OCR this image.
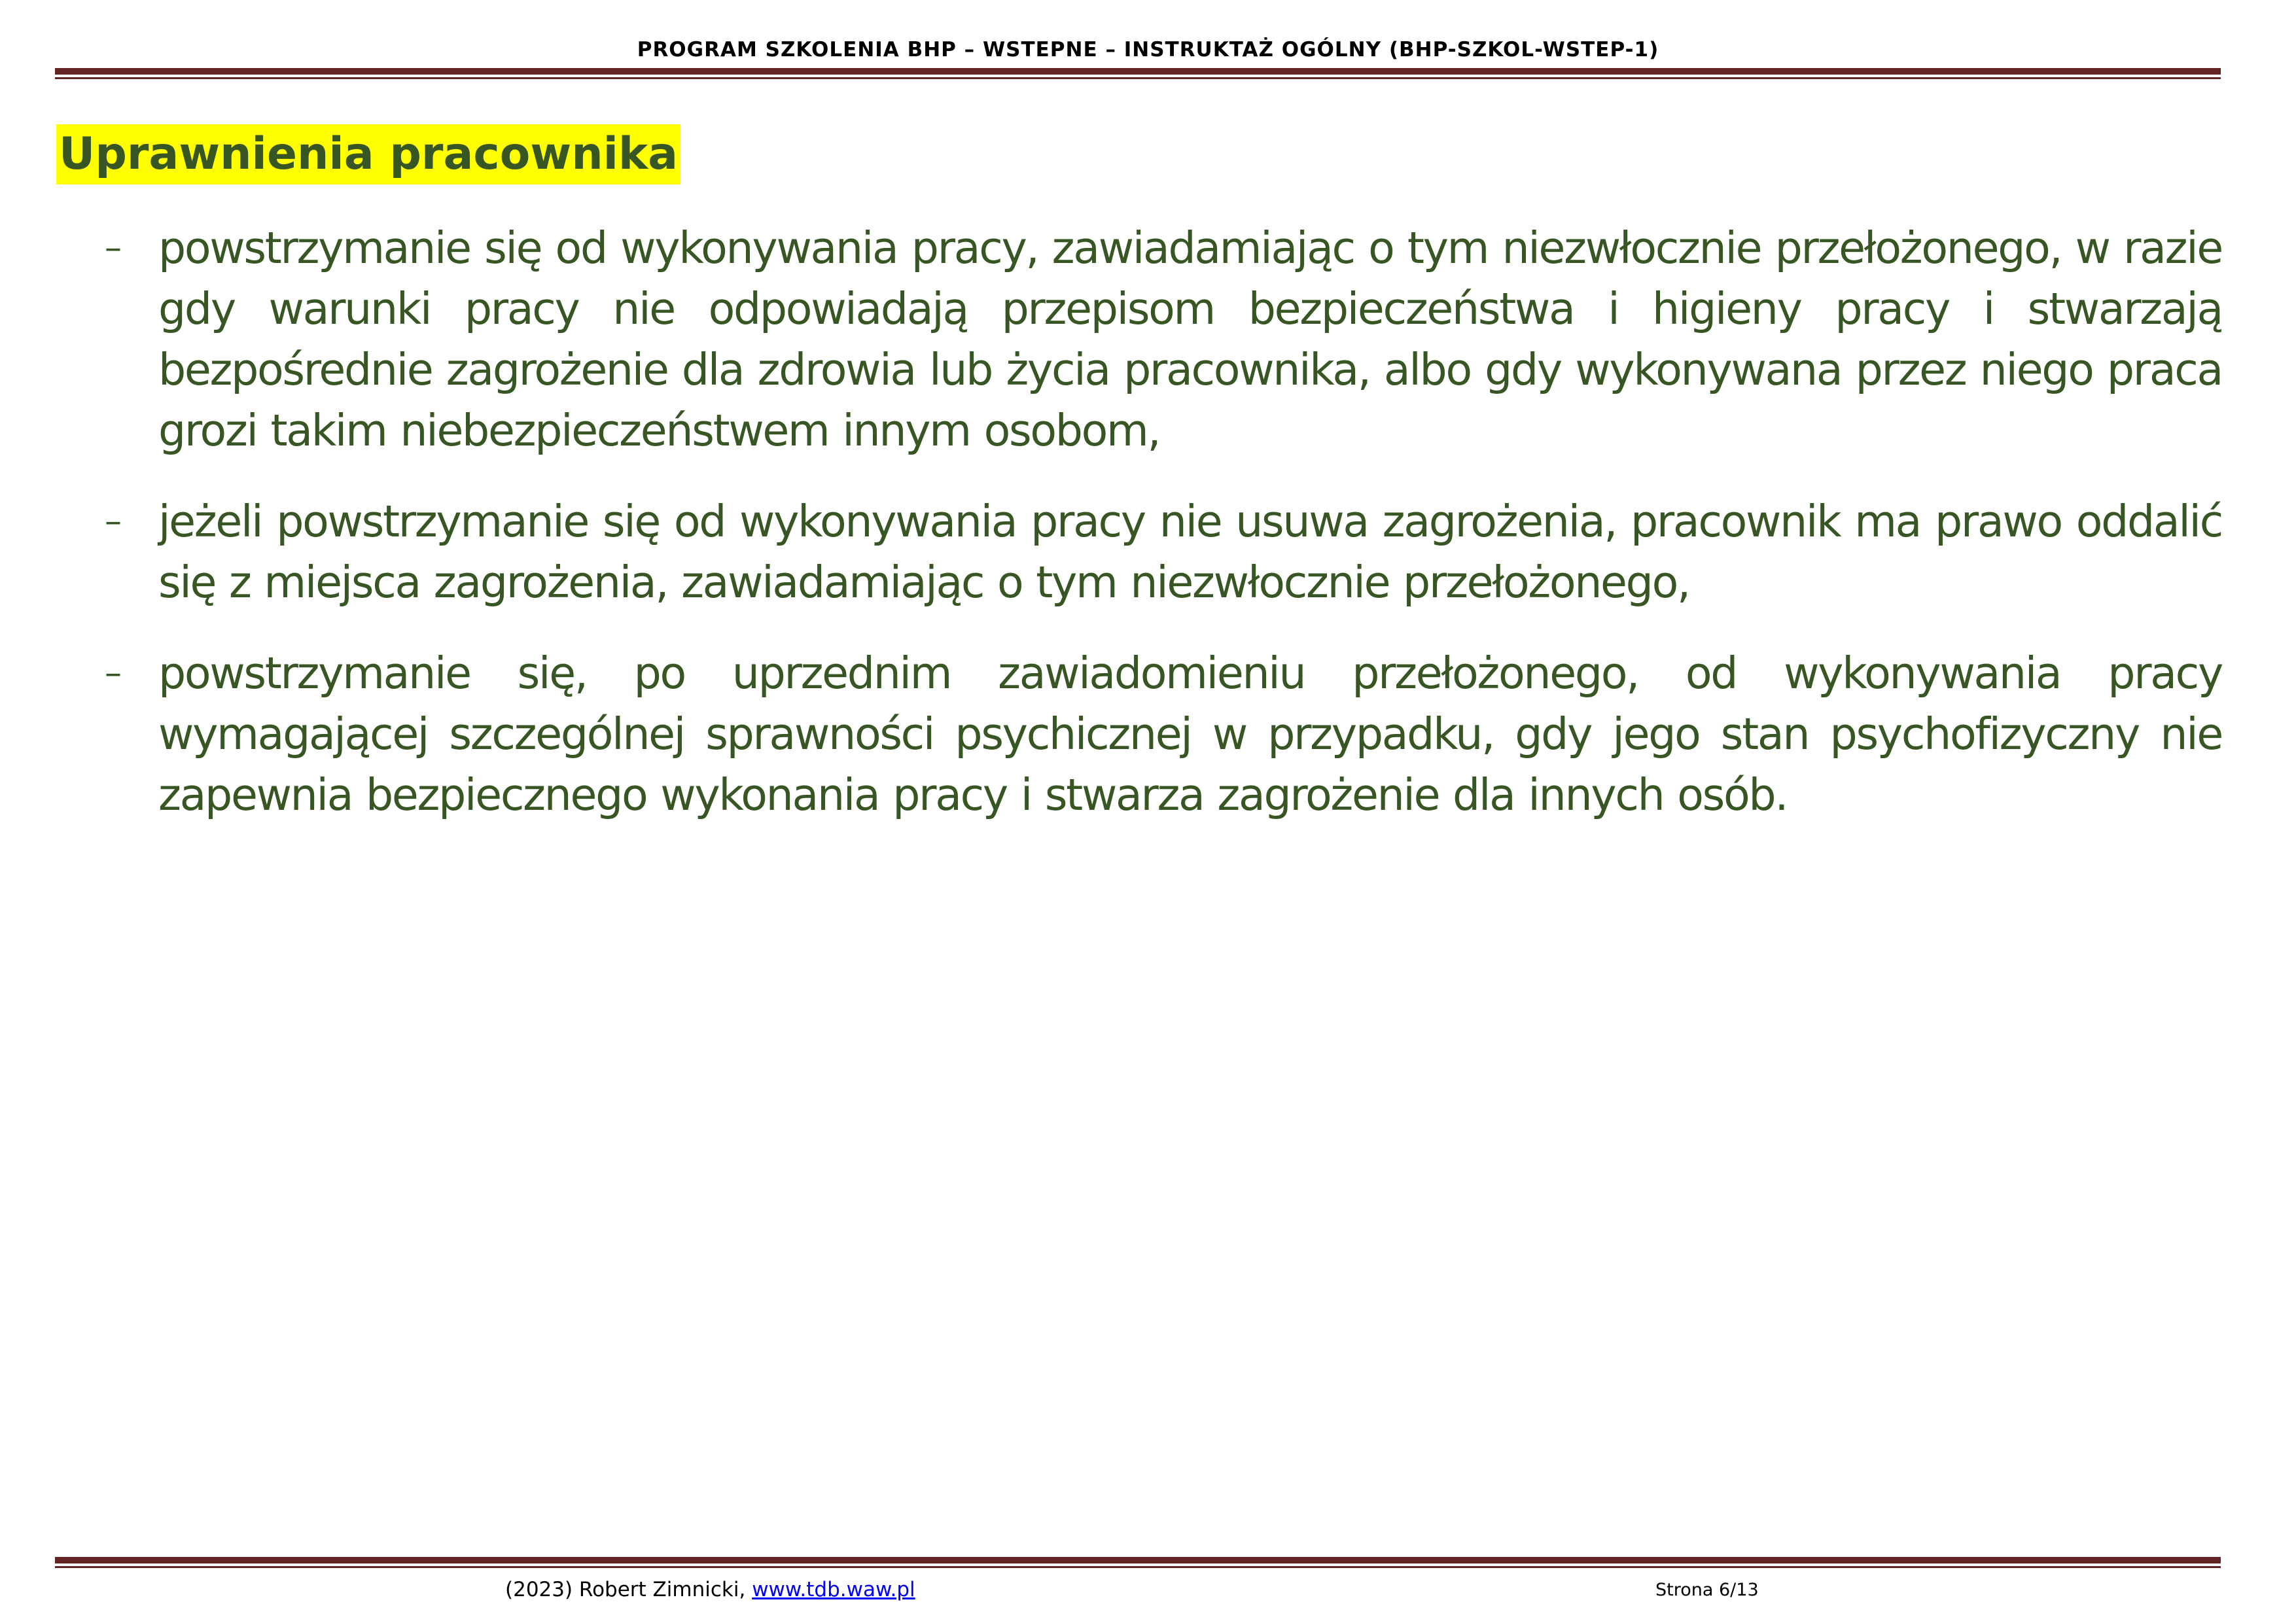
PROGRAM SZKOLENIA BHP – WSTEPNE – INSTRUKTAŻ OGÓLNY (BHP-SZKOL-WSTEP-1)
Uprawnienia pracownika
– powstrzymanie się od wykonywania pracy, zawiadamiając o tym niezwłocznie przełożonego, w razie gdy warunki pracy nie odpowiadają przepisom bezpieczeństwa i higieny pracy i stwarzają bezpośrednie zagrożenie dla zdrowia lub życia pracownika, albo gdy wykonywana przez niego praca grozi takim niebezpieczeństwem innym osobom,
– jeżeli powstrzymanie się od wykonywania pracy nie usuwa zagrożenia, pracownik ma prawo oddalić się z miejsca zagrożenia, zawiadamiając o tym niezwłocznie przełożonego,
– powstrzymanie się, po uprzednim zawiadomieniu przełożonego, od wykonywania pracy wymagającej szczególnej sprawności psychicznej w przypadku, gdy jego stan psychofizyczny nie zapewnia bezpiecznego wykonania pracy i stwarza zagrożenie dla innych osób.
(2023) Robert Zimnicki, www.tdb.waw.pl	Strona 6/13
